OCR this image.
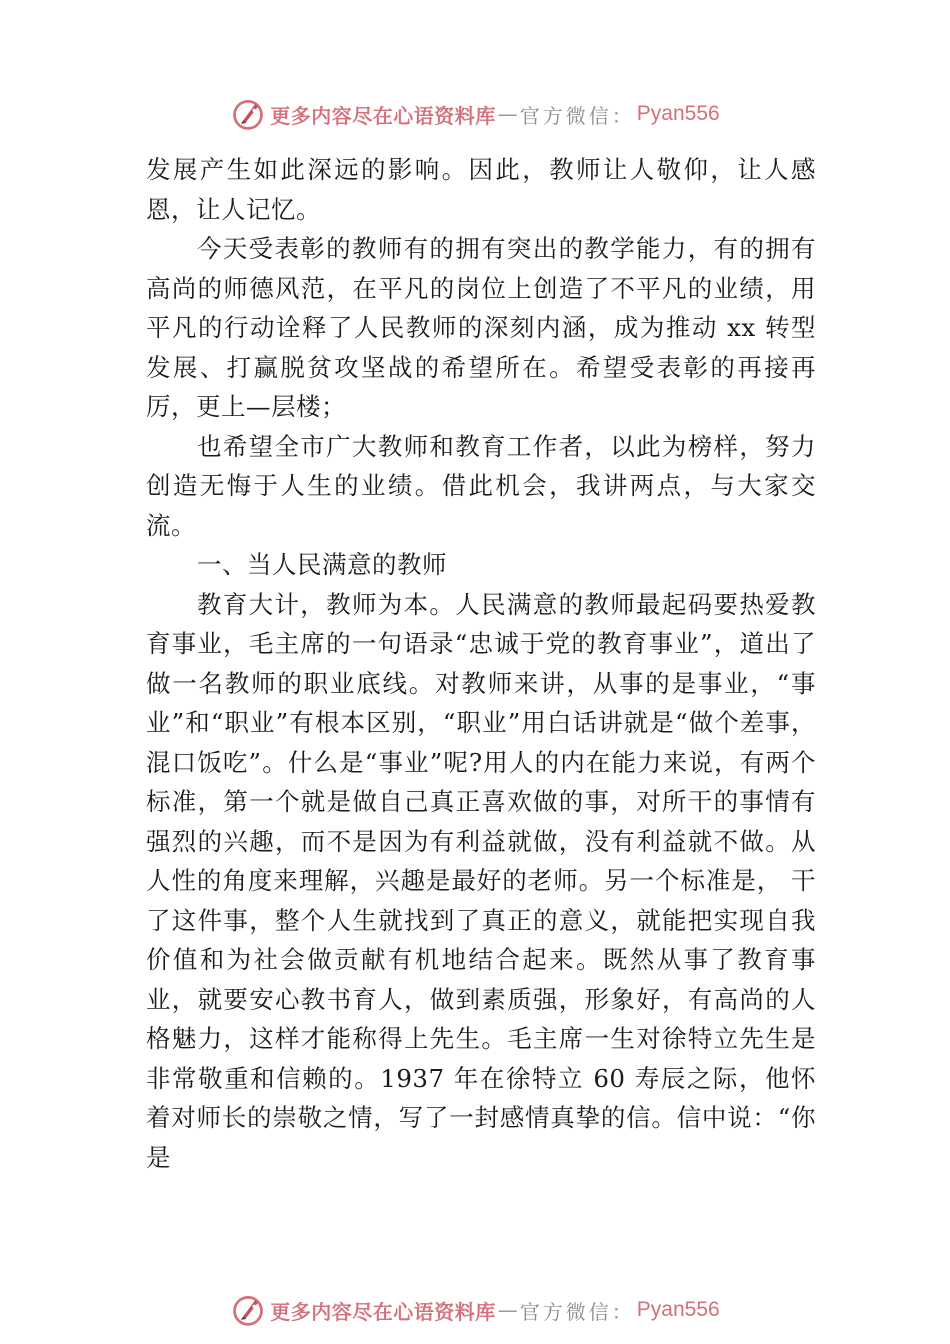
更多内容尽在心语资料库 — 官方微信： Pyan556

发展产生如此深远的影响。因此，教师让人敬仰，让人感恩，让人记忆。

今天受表彰的教师有的拥有突出的教学能力，有的拥有高尚的师德风范，在平凡的岗位上创造了不平凡的业绩，用平凡的行动诠释了人民教师的深刻内涵，成为推动 xx 转型发展、打赢脱贫攻坚战的希望所在。希望受表彰的再接再厉，更上—层楼；

也希望全市广大教师和教育工作者，以此为榜样，努力创造无悔于人生的业绩。借此机会，我讲两点，与大家交流。

一、当人民满意的教师

教育大计，教师为本。人民满意的教师最起码要热爱教育事业，毛主席的一句语录“忠诚于党的教育事业”，道出了做一名教师的职业底线。对教师来讲，从事的是事业，“事业”和“职业”有根本区别，“职业”用白话讲就是“做个差事，混口饭吃”。什么是“事业”呢?用人的内在能力来说，有两个标准，第一个就是做自己真正喜欢做的事，对所干的事情有强烈的兴趣，而不是因为有利益就做，没有利益就不做。从人性的角度来理解，兴趣是最好的老师。另一个标准是， 干了这件事，整个人生就找到了真正的意义，就能把实现自我价值和为社会做贡献有机地结合起来。既然从事了教育事业，就要安心教书育人，做到素质强，形象好，有高尚的人格魅力，这样才能称得上先生。毛主席一生对徐特立先生是非常敬重和信赖的。1937 年在徐特立 60 寿辰之际，他怀着对师长的崇敬之情，写了一封感情真挚的信。信中说：“你是

更多内容尽在心语资料库 — 官方微信： Pyan556
